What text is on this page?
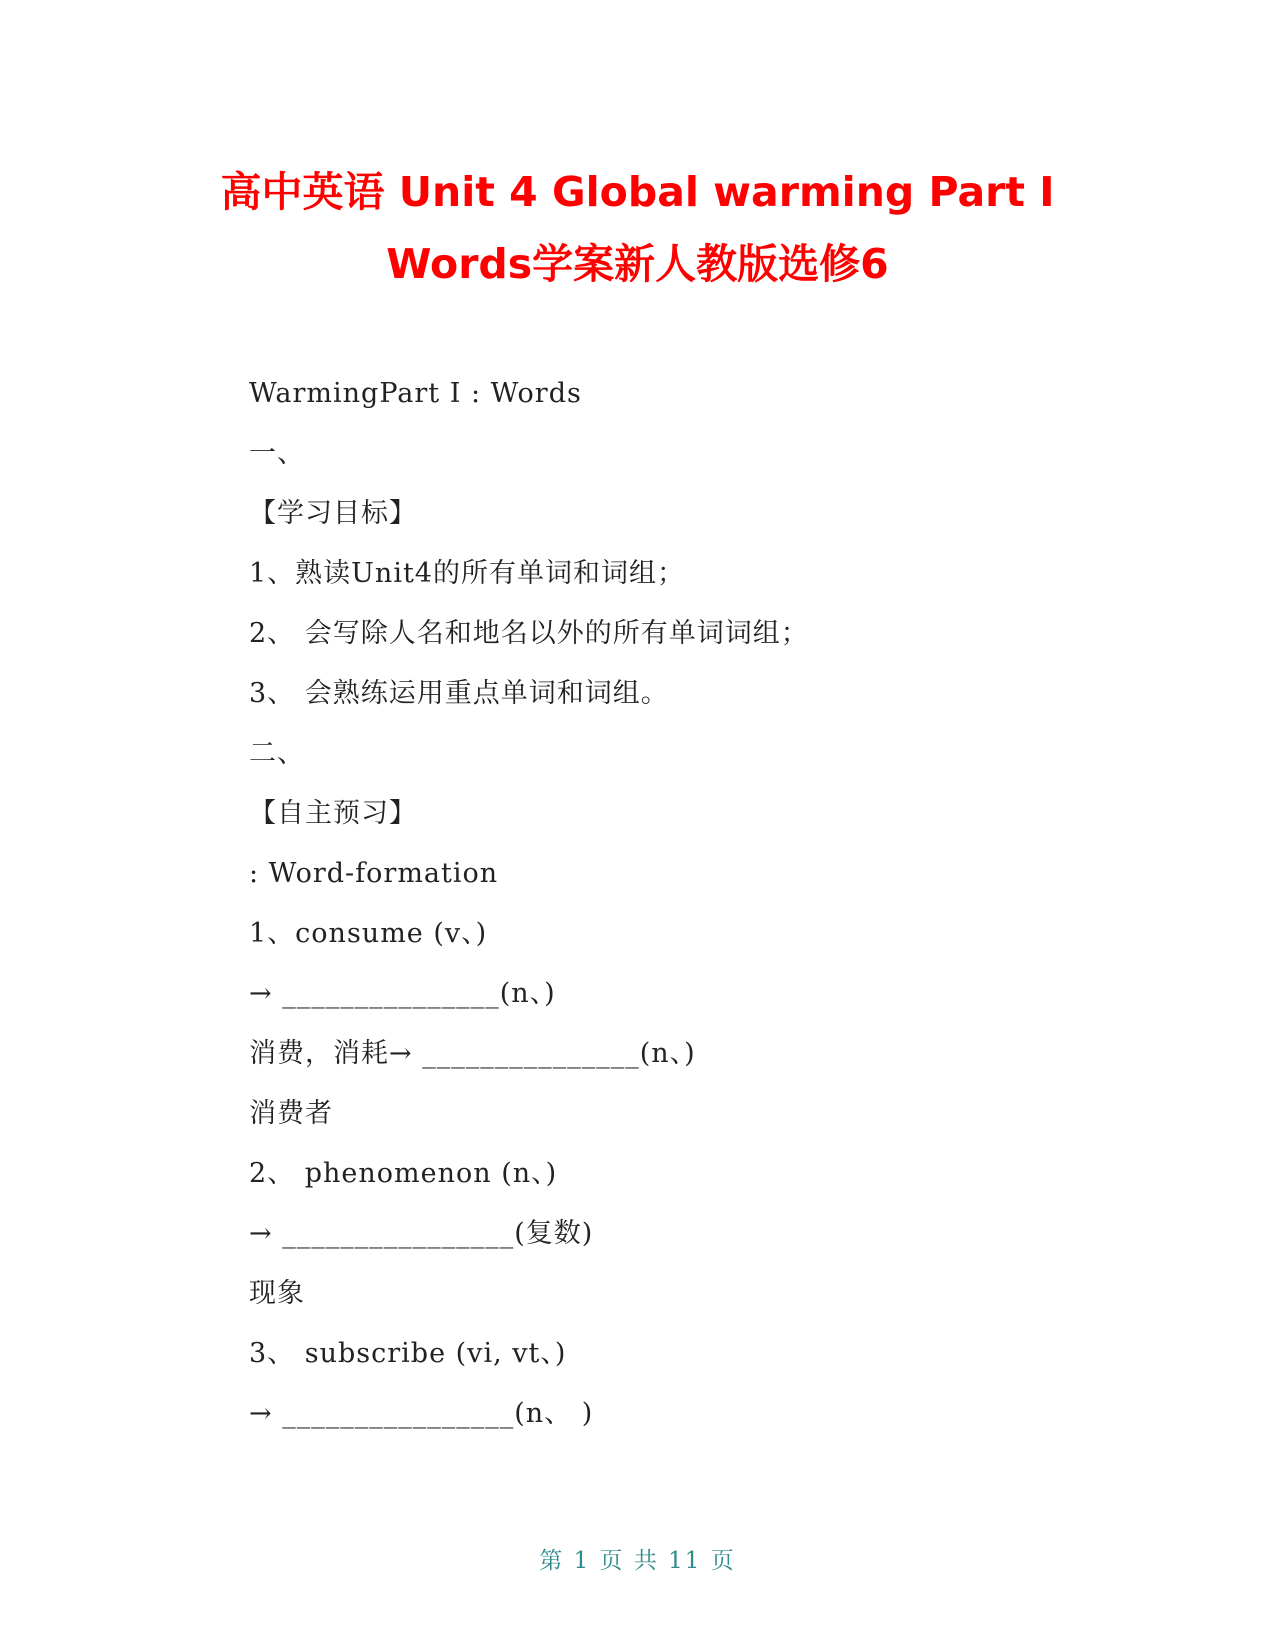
高中英语 Unit 4 Global warming Part I
Words学案新人教版选修6
WarmingPart Ⅰ : Words
一、
【学习目标】
1、熟读Unit4的所有单词和词组；
2、 会写除人名和地名以外的所有单词词组；
3、 会熟练运用重点单词和词组。
二、
【自主预习】
: Word-formation
1、consume (v、)
→ _______________(n、)
消费，消耗→ _______________(n、)
消费者
2、 phenomenon (n、)
→ ________________(复数)
现象
3、 subscribe (vi, vt、)
→ ________________(n、 )
第 1 页 共 11 页
